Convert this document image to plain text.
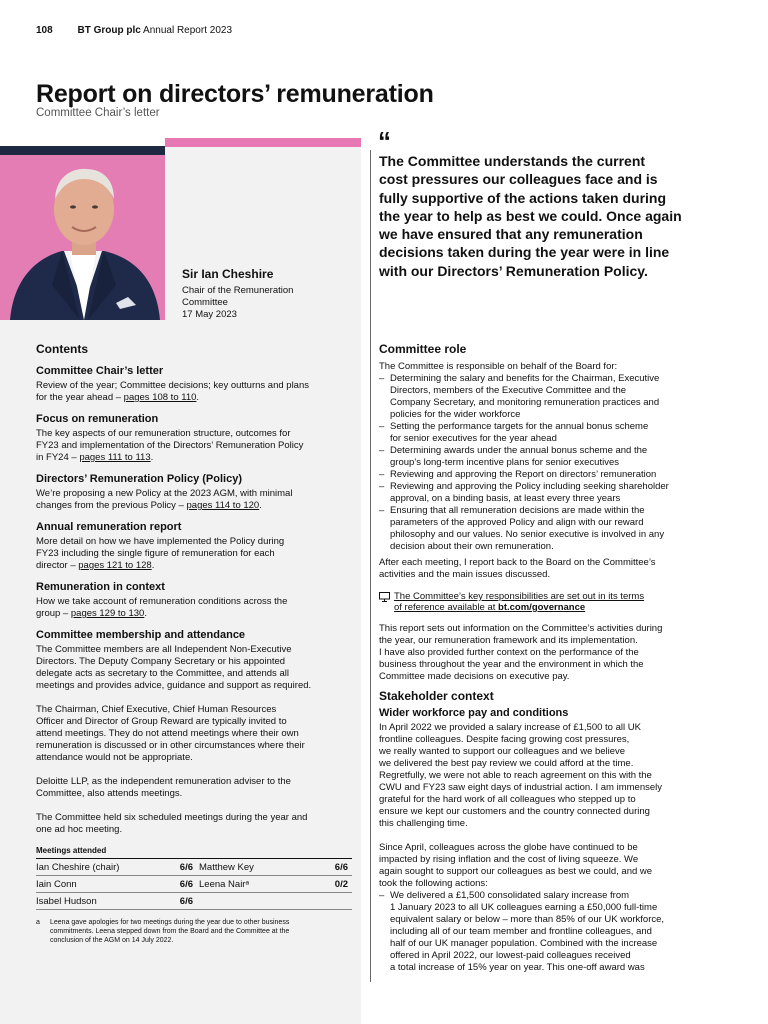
108 BT Group plc Annual Report 2023
Report on directors’ remuneration
Committee Chair’s letter
Sir Ian Cheshire
Chair of the Remuneration
Committee
17 May 2023
“

The Committee understands the current

cost pressures our colleagues face and is

fully supportive of the actions taken during

the year to help as best we could. Once again

we have ensured that any remuneration

decisions taken during the year were in line

with our Directors’ Remuneration Policy.

Contents
Committee Chair’s letter
Review of the year; Committee decisions; key outturns and plans
for the year ahead – pages 108 to 110.
Focus on remuneration
The key aspects of our remuneration structure, outcomes for
FY23 and implementation of the Directors’ Remuneration Policy
in FY24 – pages 111 to 113.
Directors’ Remuneration Policy (Policy)
We’re proposing a new Policy at the 2023 AGM, with minimal
changes from the previous Policy – pages 114 to 120.
Annual remuneration report
More detail on how we have implemented the Policy during
FY23 including the single figure of remuneration for each
director – pages 121 to 128.
Remuneration in context
How we take account of remuneration conditions across the
group – pages 129 to 130.
Committee membership and attendance
The Committee members are all Independent Non-Executive
Directors. The Deputy Company Secretary or his appointed
delegate acts as secretary to the Committee, and attends all
meetings and provides advice, guidance and support as required.
The Chairman, Chief Executive, Chief Human Resources
Officer and Director of Group Reward are typically invited to
attend meetings. They do not attend meetings where their own
remuneration is discussed or in other circumstances where their
attendance would not be appropriate.
Deloitte LLP, as the independent remuneration adviser to the
Committee, also attends meetings.
The Committee held six scheduled meetings during the year and
one ad hoc meeting.
Meetings attended
Ian Cheshire (chair)	6/6 Matthew Key	6/6
Iain Conn	6/6 Leena Nairᵃ	0/2
Isabel Hudson	6/6
a	Leena gave apologies for two meetings during the year due to other business
commitments. Leena stepped down from the Board and the Committee at the
conclusion of the AGM on 14 July 2022.
Committee role
The Committee is responsible on behalf of the Board for:
– Determining the salary and benefits for the Chairman, Executive
Directors, members of the Executive Committee and the
Company Secretary, and monitoring remuneration practices and
policies for the wider workforce
– Setting the performance targets for the annual bonus scheme
for senior executives for the year ahead
– Determining awards under the annual bonus scheme and the
group’s long-term incentive plans for senior executives
– Reviewing and approving the Report on directors’ remuneration
– Reviewing and approving the Policy including seeking shareholder
approval, on a binding basis, at least every three years
– Ensuring that all remuneration decisions are made within the
parameters of the approved Policy and align with our reward
philosophy and our values. No senior executive is involved in any
decision about their own remuneration.
After each meeting, I report back to the Board on the Committee’s
activities and the main issues discussed.
The Committee’s key responsibilities are set out in its terms
of reference available at bt.com/governance
This report sets out information on the Committee’s activities during
the year, our remuneration framework and its implementation.
I have also provided further context on the performance of the
business throughout the year and the environment in which the
Committee made decisions on executive pay.
Stakeholder context
Wider workforce pay and conditions
In April 2022 we provided a salary increase of £1,500 to all UK
frontline colleagues. Despite facing growing cost pressures,
we really wanted to support our colleagues and we believe
we delivered the best pay review we could afford at the time.
Regretfully, we were not able to reach agreement on this with the
CWU and FY23 saw eight days of industrial action. I am immensely
grateful for the hard work of all colleagues who stepped up to
ensure we kept our customers and the country connected during
this challenging time.
Since April, colleagues across the globe have continued to be
impacted by rising inflation and the cost of living squeeze. We
again sought to support our colleagues as best we could, and we
took the following actions:
– We delivered a £1,500 consolidated salary increase from
1 January 2023 to all UK colleagues earning a £50,000 full-time
equivalent salary or below – more than 85% of our UK workforce,
including all of our team member and frontline colleagues, and
half of our UK manager population. Combined with the increase
offered in April 2022, our lowest-paid colleagues received
a total increase of 15% year on year. This one-off award was
